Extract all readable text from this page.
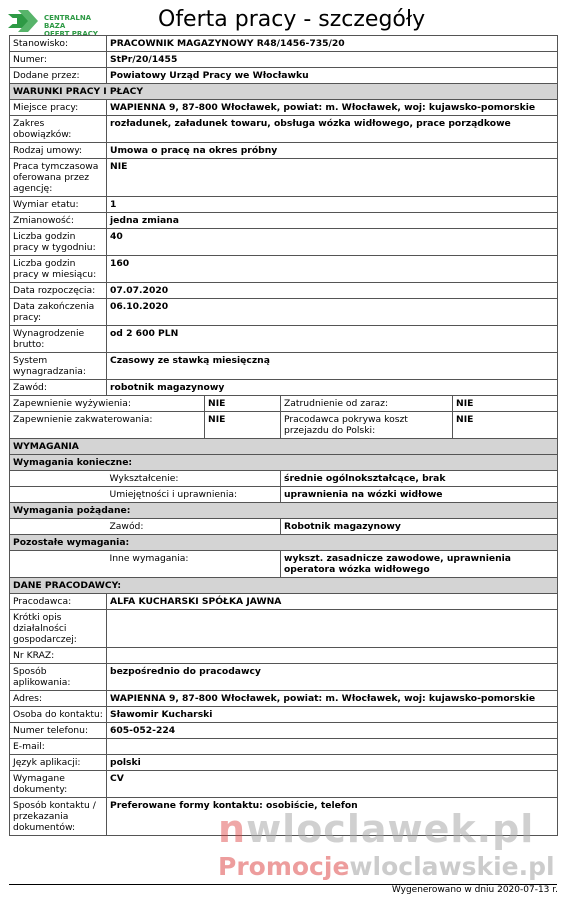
CENTRALNA BAZA
OFERT PRACY
Oferta pracy - szczegóły
Stanowisko:	PRACOWNIK MAGAZYNOWY R48/1456-735/20			
Numer:	StPr/20/1455			
Dodane przez:	Powiatowy Urząd Pracy we Włocławku			
WARUNKI PRACY I PŁACY				
Miejsce pracy:	WAPIENNA 9, 87-800 Włocławek, powiat: m. Włocławek, woj: kujawsko-pomorskie			
Zakres obowiązków:	rozładunek, załadunek towaru, obsługa wózka widłowego, prace porządkowe			
Rodzaj umowy:	Umowa o pracę na okres próbny			
Praca tymczasowa oferowana przez agencję:	NIE			
Wymiar etatu:	1			
Zmianowość:	jedna zmiana			
Liczba godzin pracy w tygodniu:	40			
Liczba godzin pracy w miesiącu:	160			
Data rozpoczęcia:	07.07.2020			
Data zakończenia pracy:	06.10.2020			
Wynagrodzenie brutto:	od 2 600 PLN			
System wynagradzania:	Czasowy ze stawką miesięczną			
Zawód:	robotnik magazynowy			
Zapewnienie wyżywienia:		NIE	Zatrudnienie od zaraz:	NIE
Zapewnienie zakwaterowania:		NIE	Pracodawca pokrywa koszt przejazdu do Polski:	NIE
WYMAGANIA				
Wymagania konieczne:				
	Wykształcenie:		średnie ogólnokształcące, brak	
	Umiejętności i uprawnienia:		uprawnienia na wózki widłowe	
Wymagania pożądane:				
	Zawód:		Robotnik magazynowy	
Pozostałe wymagania:				
	Inne wymagania:		wykszt. zasadnicze zawodowe, uprawnienia operatora wózka widłowego	
DANE PRACODAWCY:				
Pracodawca:	ALFA KUCHARSKI SPÓŁKA JAWNA			
Krótki opis działalności gospodarczej:				
Nr KRAZ:				
Sposób aplikowania:	bezpośrednio do pracodawcy			
Adres:	WAPIENNA 9, 87-800 Włocławek, powiat: m. Włocławek, woj: kujawsko-pomorskie			
Osoba do kontaktu:	Sławomir Kucharski			
Numer telefonu:	605-052-224			
E-mail:				
Język aplikacji:	polski			
Wymagane dokumenty:	CV			
Sposób kontaktu / przekazania dokumentów:	Preferowane formy kontaktu: osobiście, telefon			
nwloclawek.pl
Promocjewloclawskie.pl
Wygenerowano w dniu 2020-07-13 r.
